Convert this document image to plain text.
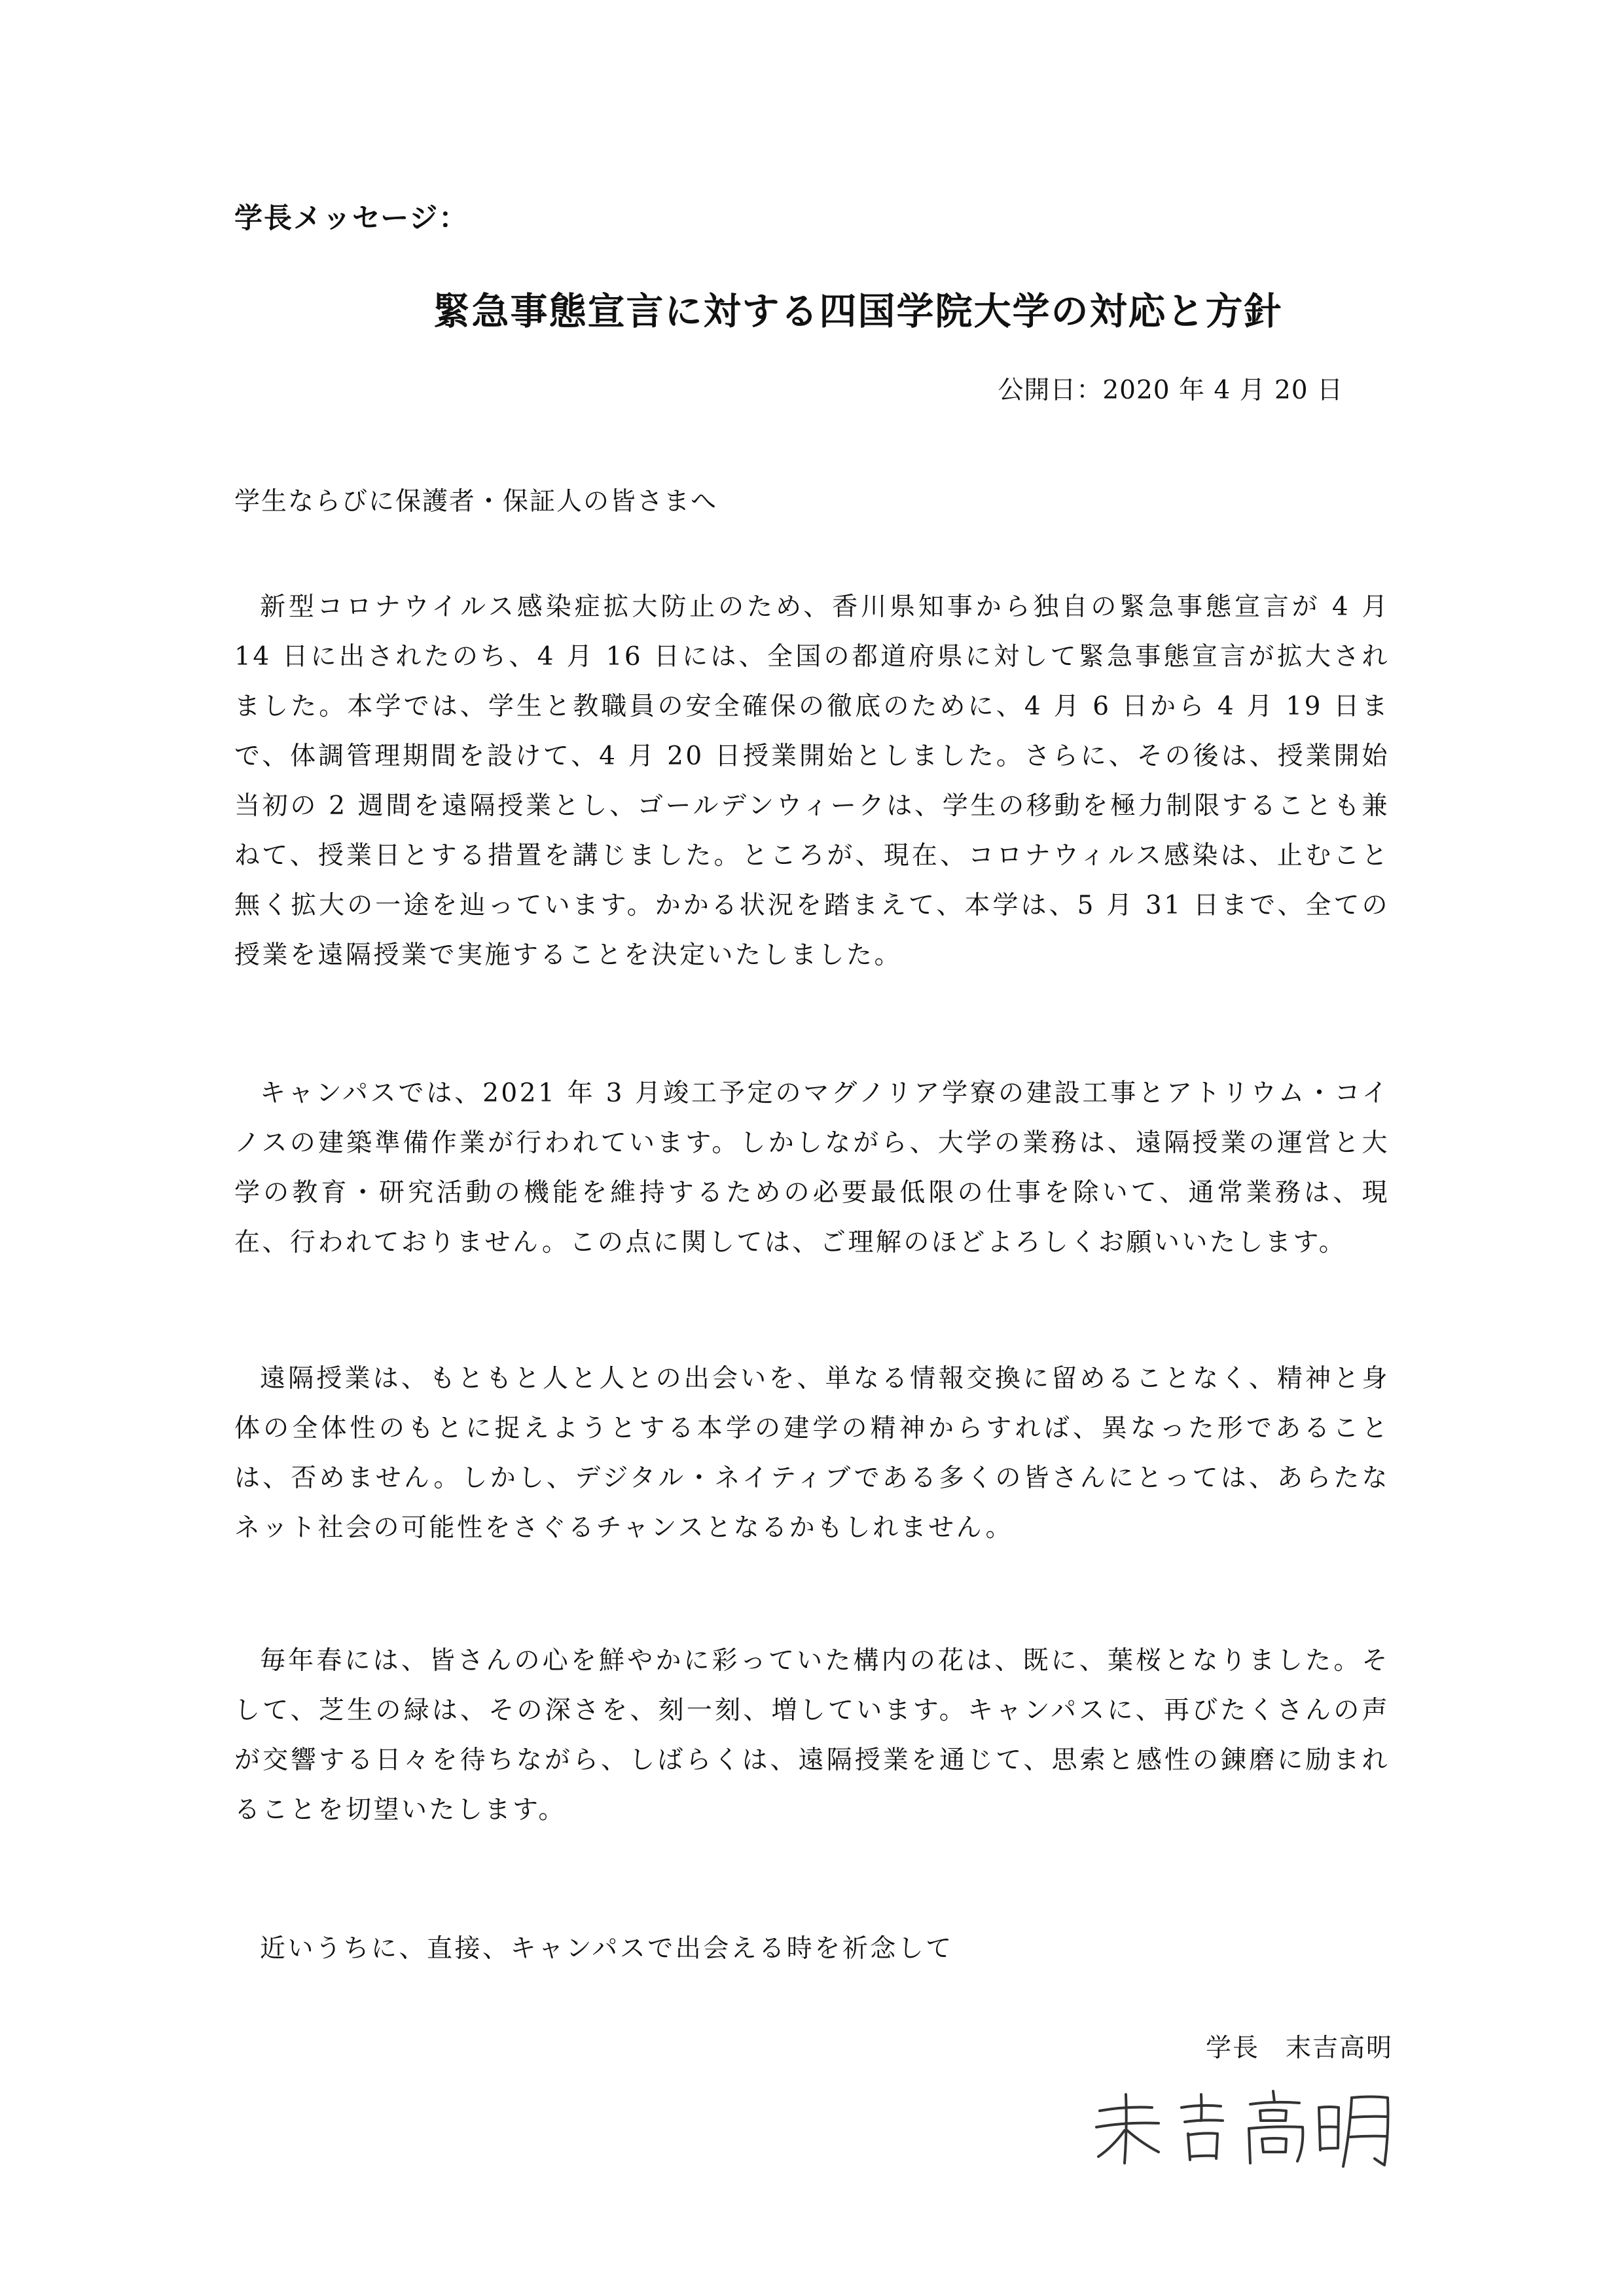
学長メッセージ：
緊急事態宣言に対する四国学院大学の対応と方針
公開日：2020 年 4 月 20 日
学生ならびに保護者・保証人の皆さまへ

新型コロナウイルス感染症拡大防止のため、香川県知事から独自の緊急事態宣言が 4 月 14 日に出されたのち、4 月 16 日には、全国の都道府県に対して緊急事態宣言が拡大されました。本学では、学生と教職員の安全確保の徹底のために、4 月 6 日から 4 月 19 日まで、体調管理期間を設けて、4 月 20 日授業開始としました。さらに、その後は、授業開始当初の 2 週間を遠隔授業とし、ゴールデンウィークは、学生の移動を極力制限することも兼ねて、授業日とする措置を講じました。ところが、現在、コロナウィルス感染は、止むこと無く拡大の一途を辿っています。かかる状況を踏まえて、本学は、5 月 31 日まで、全ての授業を遠隔授業で実施することを決定いたしました。

キャンパスでは、2021 年 3 月竣工予定のマグノリア学寮の建設工事とアトリウム・コイノスの建築準備作業が行われています。しかしながら、大学の業務は、遠隔授業の運営と大学の教育・研究活動の機能を維持するための必要最低限の仕事を除いて、通常業務は、現在、行われておりません。この点に関しては、ご理解のほどよろしくお願いいたします。

遠隔授業は、もともと人と人との出会いを、単なる情報交換に留めることなく、精神と身体の全体性のもとに捉えようとする本学の建学の精神からすれば、異なった形であることは、否めません。しかし、デジタル・ネイティブである多くの皆さんにとっては、あらたなネット社会の可能性をさぐるチャンスとなるかもしれません。

毎年春には、皆さんの心を鮮やかに彩っていた構内の花は、既に、葉桜となりました。そして、芝生の緑は、その深さを、刻一刻、増しています。キャンパスに、再びたくさんの声が交響する日々を待ちながら、しばらくは、遠隔授業を通じて、思索と感性の錬磨に励まれることを切望いたします。

近いうちに、直接、キャンパスで出会える時を祈念して

学長 末吉高明
